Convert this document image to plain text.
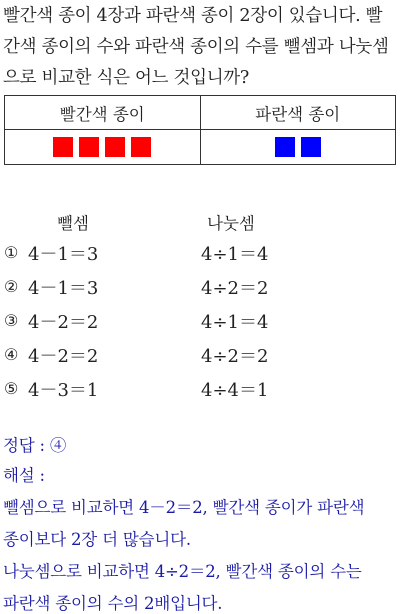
빨간색 종이 4장과 파란색 종이 2장이 있습니다. 빨
간색 종이의 수와 파란색 종이의 수를 뺄셈과 나눗셈
으로 비교한 식은 어느 것입니까?
빨간색 종이	파란색 종이

뺄셈	나눗셈
① 4－1＝3	4÷1＝4
② 4－1＝3	4÷2＝2
③ 4－2＝2	4÷1＝4
④ 4－2＝2	4÷2＝2
⑤ 4－3＝1	4÷4＝1
정답 : ④
해설 :
뺄셈으로 비교하면 4－2＝2, 빨간색 종이가 파란색
종이보다 2장 더 많습니다.
나눗셈으로 비교하면 4÷2＝2, 빨간색 종이의 수는
파란색 종이의 수의 2배입니다.
